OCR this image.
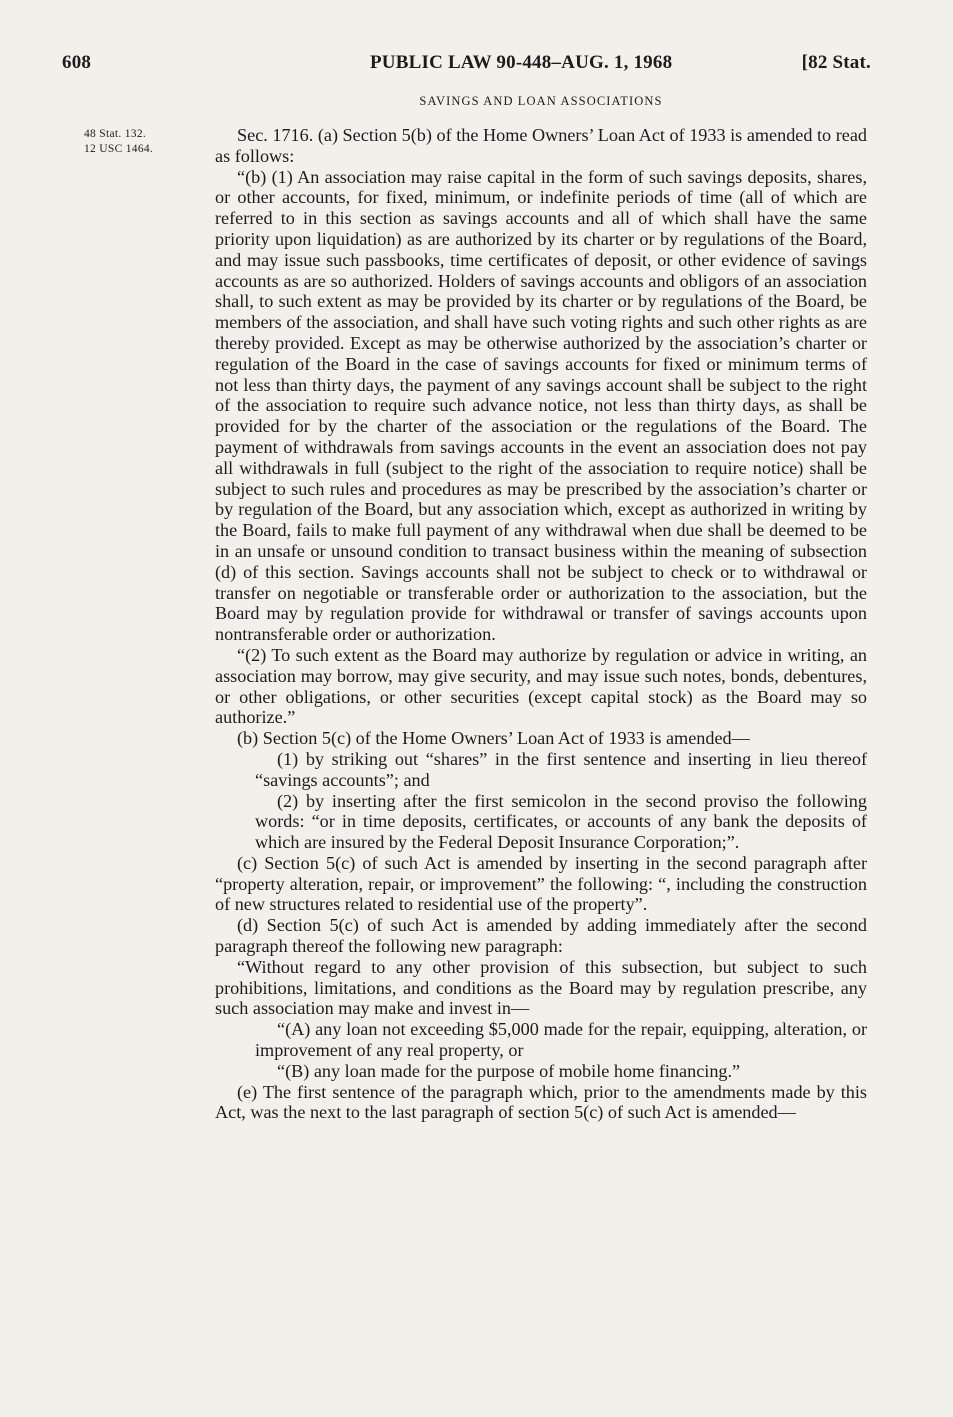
608	PUBLIC LAW 90-448–AUG. 1, 1968	[82 Stat.
SAVINGS AND LOAN ASSOCIATIONS
48 Stat. 132.
12 USC 1464.

Sec. 1716. (a) Section 5(b) of the Home Owners’ Loan Act of 1933 is amended to read as follows:

“(b) (1) An association may raise capital in the form of such savings deposits, shares, or other accounts, for fixed, minimum, or indefinite periods of time (all of which are referred to in this section as savings accounts and all of which shall have the same priority upon liquidation) as are authorized by its charter or by regulations of the Board, and may issue such passbooks, time certificates of deposit, or other evidence of savings accounts as are so authorized. Holders of savings accounts and obligors of an association shall, to such extent as may be provided by its charter or by regulations of the Board, be members of the association, and shall have such voting rights and such other rights as are thereby provided. Except as may be otherwise authorized by the association’s charter or regulation of the Board in the case of savings accounts for fixed or minimum terms of not less than thirty days, the payment of any savings account shall be subject to the right of the association to require such advance notice, not less than thirty days, as shall be provided for by the charter of the association or the regulations of the Board. The payment of withdrawals from savings accounts in the event an association does not pay all withdrawals in full (subject to the right of the association to require notice) shall be subject to such rules and procedures as may be prescribed by the association’s charter or by regulation of the Board, but any association which, except as authorized in writing by the Board, fails to make full payment of any withdrawal when due shall be deemed to be in an unsafe or unsound condition to transact business within the meaning of subsection (d) of this section. Savings accounts shall not be subject to check or to withdrawal or transfer on negotiable or transferable order or authorization to the association, but the Board may by regulation provide for withdrawal or transfer of savings accounts upon nontransferable order or authorization.

“(2) To such extent as the Board may authorize by regulation or advice in writing, an association may borrow, may give security, and may issue such notes, bonds, debentures, or other obligations, or other securities (except capital stock) as the Board may so authorize.”

(b) Section 5(c) of the Home Owners’ Loan Act of 1933 is amended—

(1) by striking out “shares” in the first sentence and inserting in lieu thereof “savings accounts”; and

(2) by inserting after the first semicolon in the second proviso the following words: “or in time deposits, certificates, or accounts of any bank the deposits of which are insured by the Federal Deposit Insurance Corporation;”.

(c) Section 5(c) of such Act is amended by inserting in the second paragraph after “property alteration, repair, or improvement” the following: “, including the construction of new structures related to residential use of the property”.

(d) Section 5(c) of such Act is amended by adding immediately after the second paragraph thereof the following new paragraph:

“Without regard to any other provision of this subsection, but subject to such prohibitions, limitations, and conditions as the Board may by regulation prescribe, any such association may make and invest in—

“(A) any loan not exceeding $5,000 made for the repair, equipping, alteration, or improvement of any real property, or

“(B) any loan made for the purpose of mobile home financing.”

(e) The first sentence of the paragraph which, prior to the amendments made by this Act, was the next to the last paragraph of section 5(c) of such Act is amended—
